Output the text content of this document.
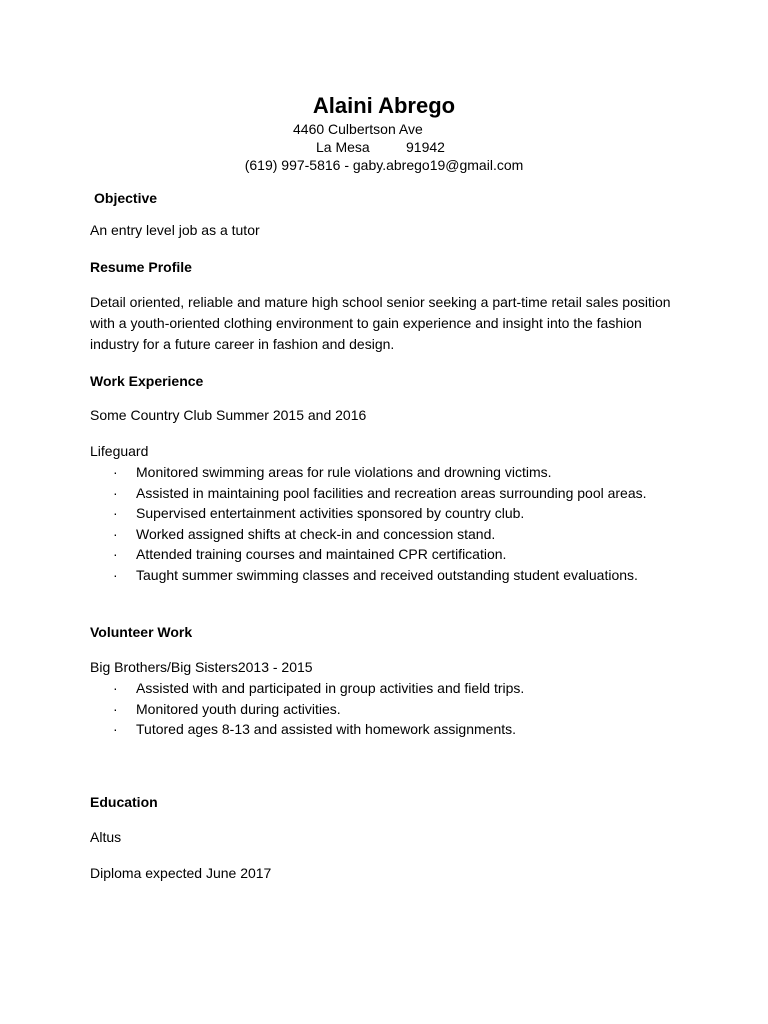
Alaini Abrego
4460 Culbertson Ave
La Mesa	91942
(619) 997-5816 - gaby.abrego19@gmail.com
Objective
An entry level job as a tutor
Resume Profile
Detail oriented, reliable and mature high school senior seeking a part-time retail sales position with a youth-oriented clothing environment to gain experience and insight into the fashion industry for a future career in fashion and design.
Work Experience
Some Country Club Summer 2015 and 2016
Lifeguard
· Monitored swimming areas for rule violations and drowning victims.
· Assisted in maintaining pool facilities and recreation areas surrounding pool areas.
· Supervised entertainment activities sponsored by country club.
· Worked assigned shifts at check-in and concession stand.
· Attended training courses and maintained CPR certification.
· Taught summer swimming classes and received outstanding student evaluations.
Volunteer Work
Big Brothers/Big Sisters2013 - 2015
· Assisted with and participated in group activities and field trips.
· Monitored youth during activities.
· Tutored ages 8-13 and assisted with homework assignments.
Education
Altus
Diploma expected June 2017
